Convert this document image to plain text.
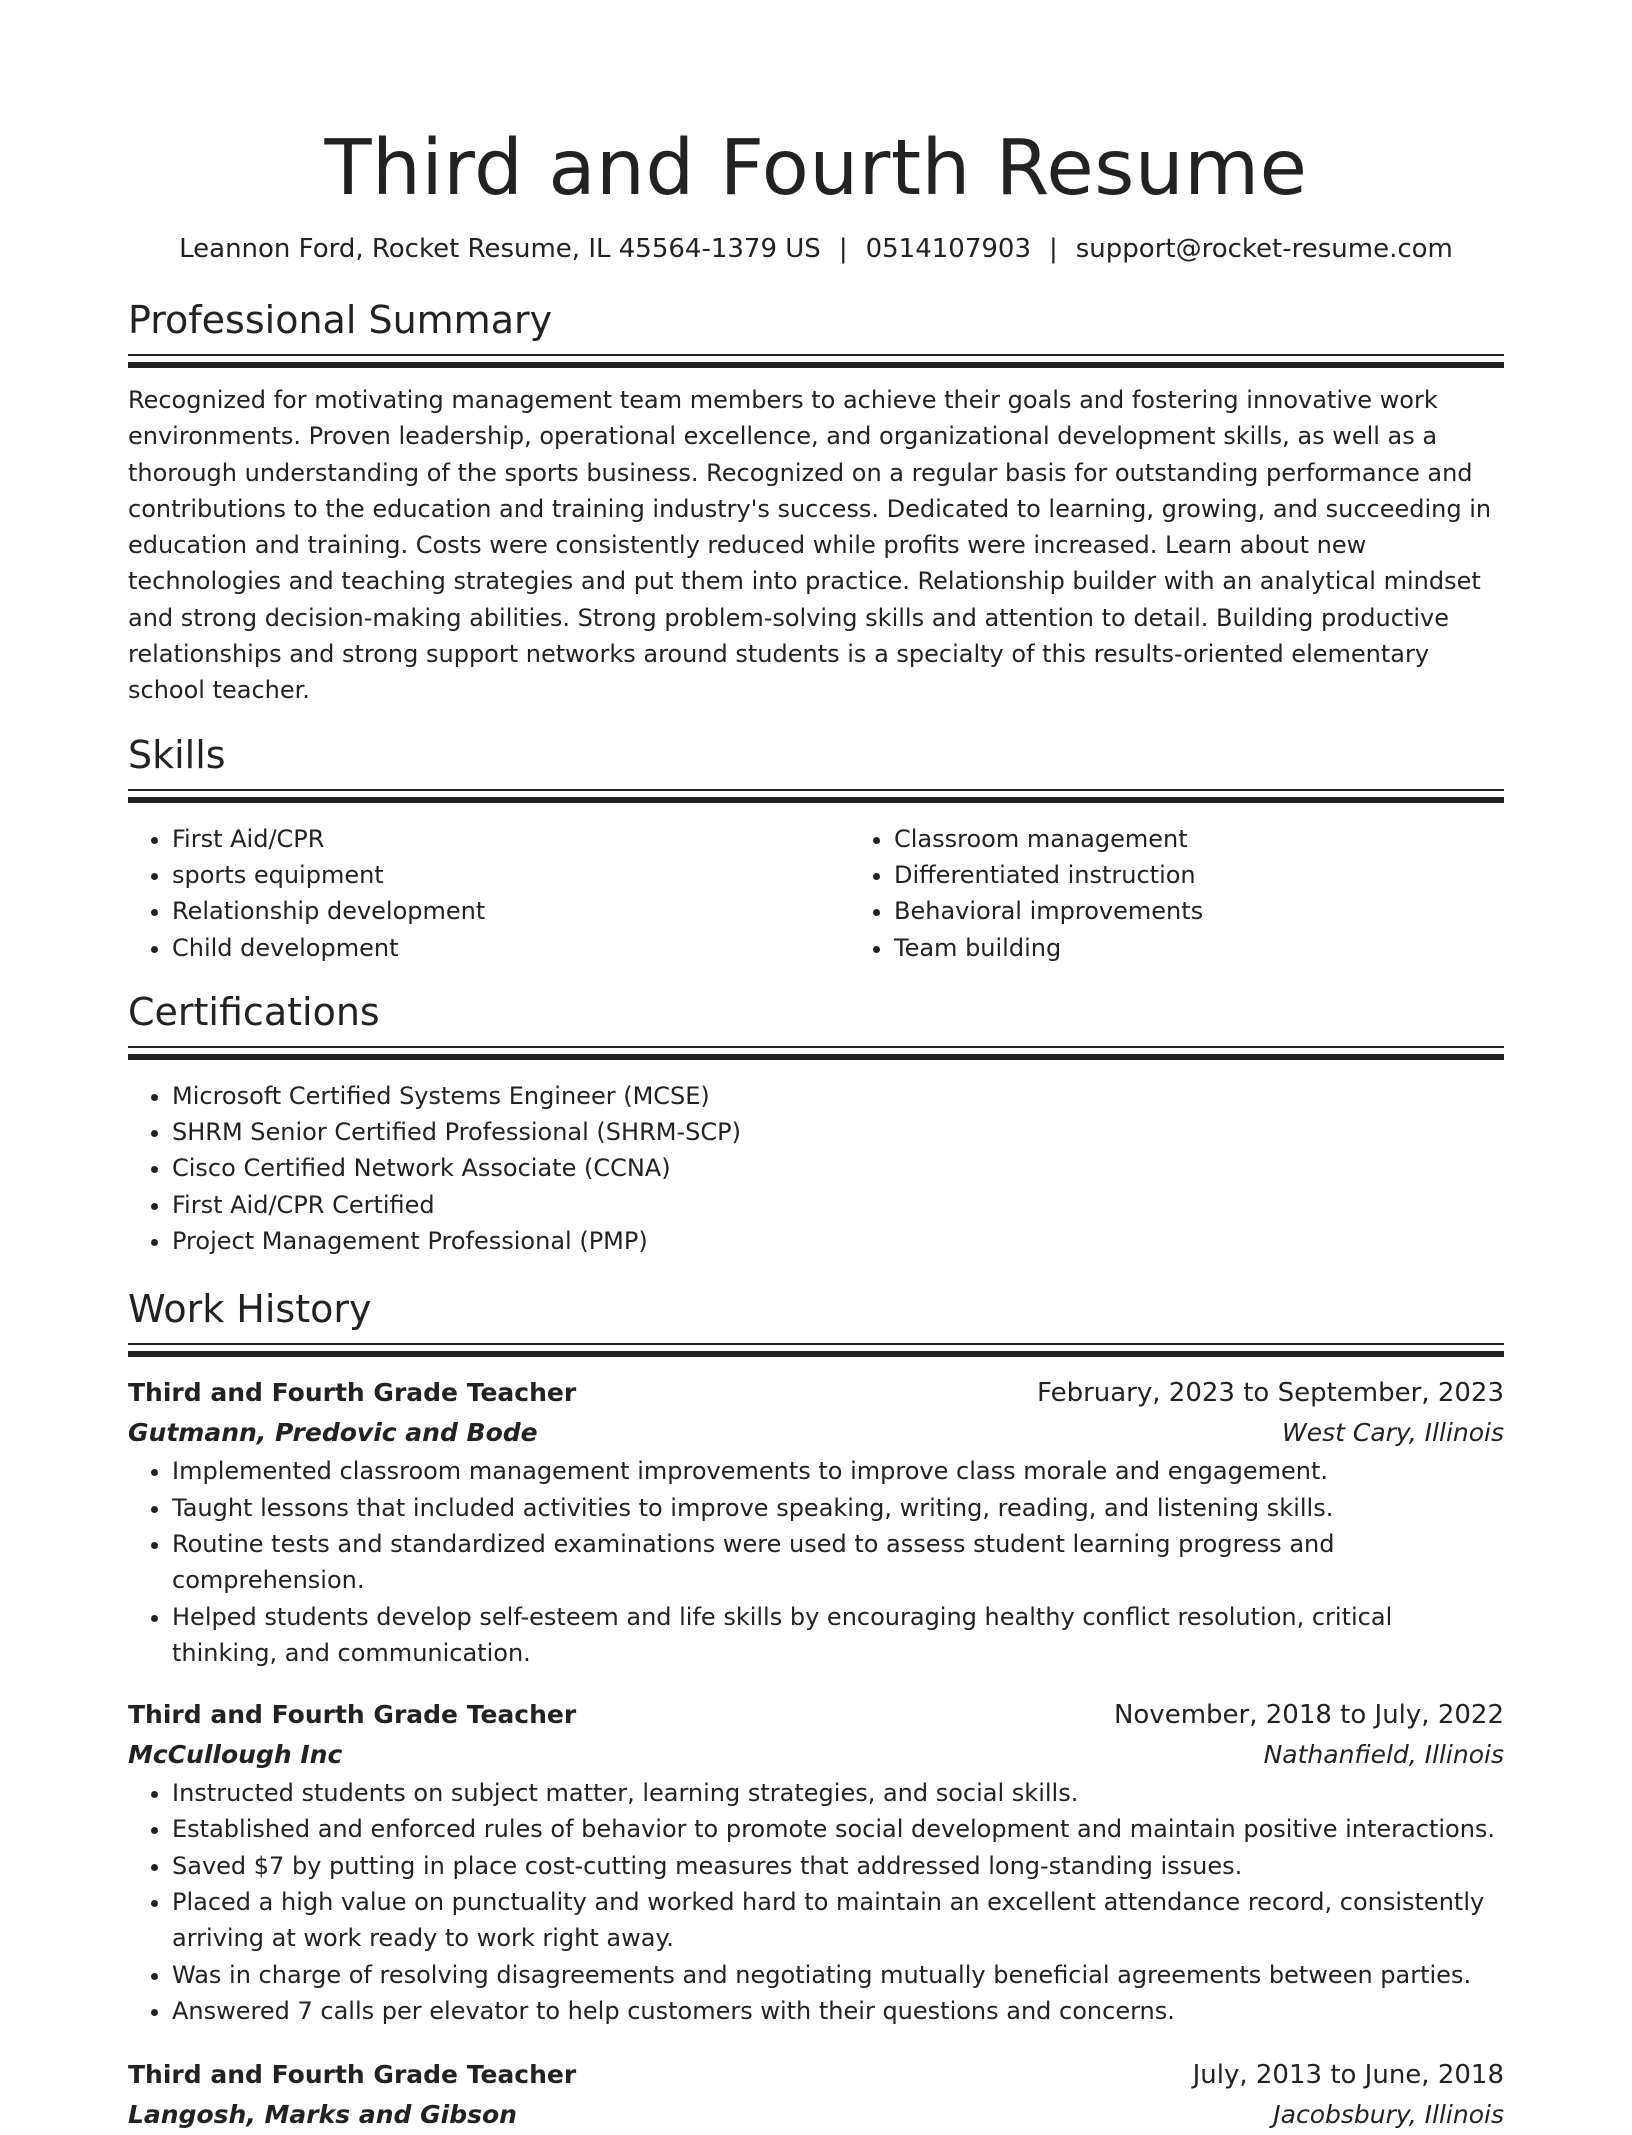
Third and Fourth Resume
Leannon Ford, Rocket Resume, IL 45564-1379 US | 0514107903 | support@rocket-resume.com
Professional Summary

Recognized for motivating management team members to achieve their goals and fostering innovative work environments. Proven leadership, operational excellence, and organizational development skills, as well as a thorough understanding of the sports business. Recognized on a regular basis for outstanding performance and contributions to the education and training industry's success. Dedicated to learning, growing, and succeeding in education and training. Costs were consistently reduced while profits were increased. Learn about new technologies and teaching strategies and put them into practice. Relationship builder with an analytical mindset and strong decision-making abilities. Strong problem-solving skills and attention to detail. Building productive relationships and strong support networks around students is a specialty of this results-oriented elementary school teacher.

Skills
• First Aid/CPR
• sports equipment
• Relationship development
• Child development
• Classroom management
• Differentiated instruction
• Behavioral improvements
• Team building
Certifications
• Microsoft Certified Systems Engineer (MCSE)
• SHRM Senior Certified Professional (SHRM-SCP)
• Cisco Certified Network Associate (CCNA)
• First Aid/CPR Certified
• Project Management Professional (PMP)
Work History
Third and Fourth Grade Teacher	February, 2023 to September, 2023
Gutmann, Predovic and Bode	West Cary, Illinois
• Implemented classroom management improvements to improve class morale and engagement.
• Taught lessons that included activities to improve speaking, writing, reading, and listening skills.
• Routine tests and standardized examinations were used to assess student learning progress and comprehension.
• Helped students develop self-esteem and life skills by encouraging healthy conflict resolution, critical thinking, and communication.
Third and Fourth Grade Teacher	November, 2018 to July, 2022
McCullough Inc	Nathanfield, Illinois
• Instructed students on subject matter, learning strategies, and social skills.
• Established and enforced rules of behavior to promote social development and maintain positive interactions.
• Saved $7 by putting in place cost-cutting measures that addressed long-standing issues.
• Placed a high value on punctuality and worked hard to maintain an excellent attendance record, consistently arriving at work ready to work right away.
• Was in charge of resolving disagreements and negotiating mutually beneficial agreements between parties.
• Answered 7 calls per elevator to help customers with their questions and concerns.
Third and Fourth Grade Teacher	July, 2013 to June, 2018
Langosh, Marks and Gibson	Jacobsbury, Illinois
